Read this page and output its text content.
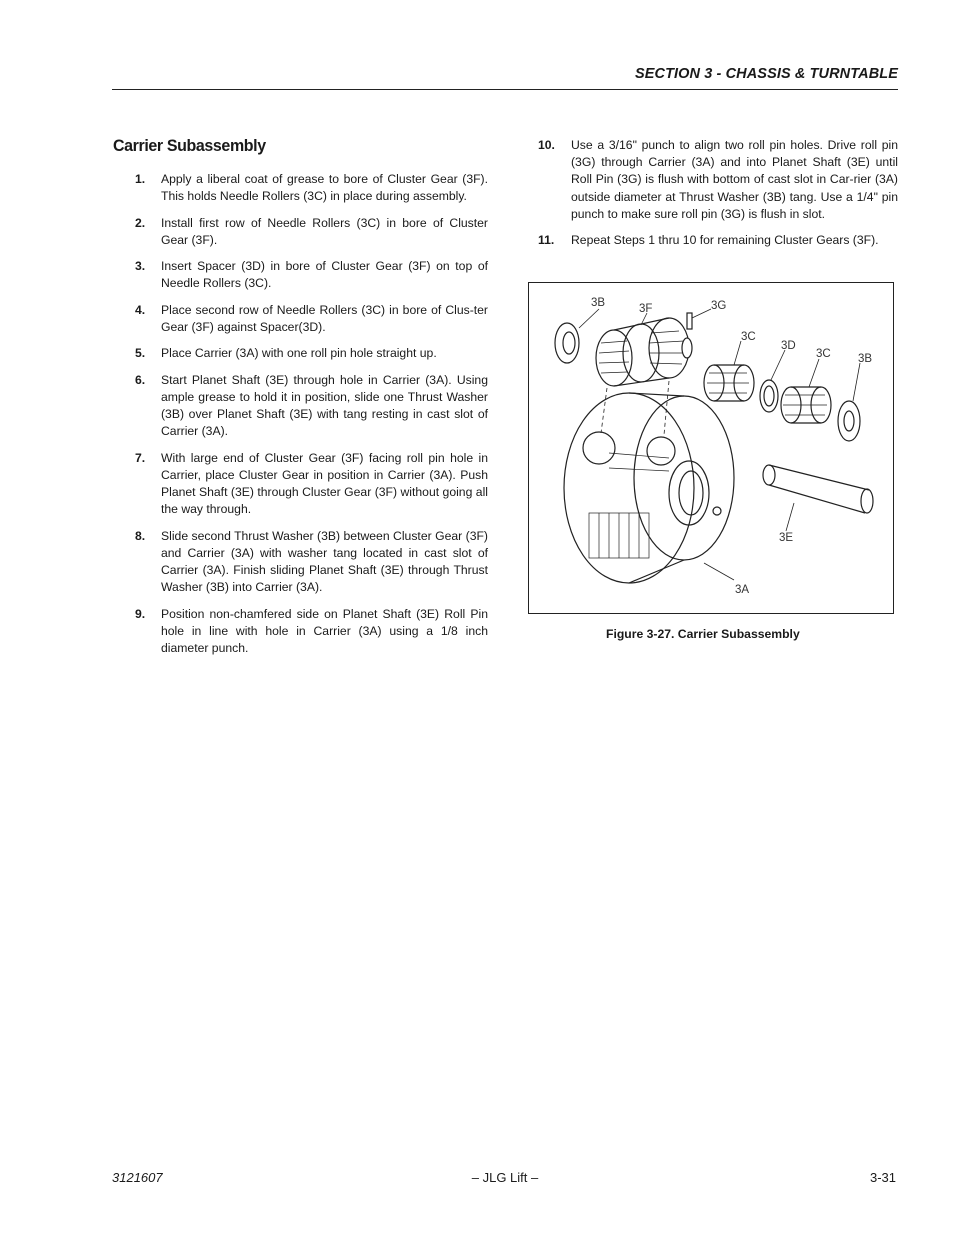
SECTION 3 - CHASSIS & TURNTABLE
Carrier Subassembly
1. Apply a liberal coat of grease to bore of Cluster Gear (3F). This holds Needle Rollers (3C) in place during assembly.
2. Install first row of Needle Rollers (3C) in bore of Cluster Gear (3F).
3. Insert Spacer (3D) in bore of Cluster Gear (3F) on top of Needle Rollers (3C).
4. Place second row of Needle Rollers (3C) in bore of Clus-ter Gear (3F) against Spacer(3D).
5. Place Carrier (3A) with one roll pin hole straight up.
6. Start Planet Shaft (3E) through hole in Carrier (3A). Using ample grease to hold it in position, slide one Thrust Washer (3B) over Planet Shaft (3E) with tang resting in cast slot of Carrier (3A).
7. With large end of Cluster Gear (3F) facing roll pin hole in Carrier, place Cluster Gear in position in Carrier (3A). Push Planet Shaft (3E) through Cluster Gear (3F) without going all the way through.
8. Slide second Thrust Washer (3B) between Cluster Gear (3F) and Carrier (3A) with washer tang located in cast slot of Carrier (3A). Finish sliding Planet Shaft (3E) through Thrust Washer (3B) into Carrier (3A).
9. Position non-chamfered side on Planet Shaft (3E) Roll Pin hole in line with hole in Carrier (3A) using a 1/8 inch diameter punch.
10. Use a 3/16" punch to align two roll pin holes. Drive roll pin (3G) through Carrier (3A) and into Planet Shaft (3E) until Roll Pin (3G) is flush with bottom of cast slot in Car-rier (3A) outside diameter at Thrust Washer (3B) tang. Use a 1/4" pin punch to make sure roll pin (3G) is flush in slot.
11. Repeat Steps 1 thru 10 for remaining Cluster Gears (3F).
3B	3F	3G
3C
3D
3C 3B
3E
3A
Figure 3-27. Carrier Subassembly
3121607	– JLG Lift –	3-31
